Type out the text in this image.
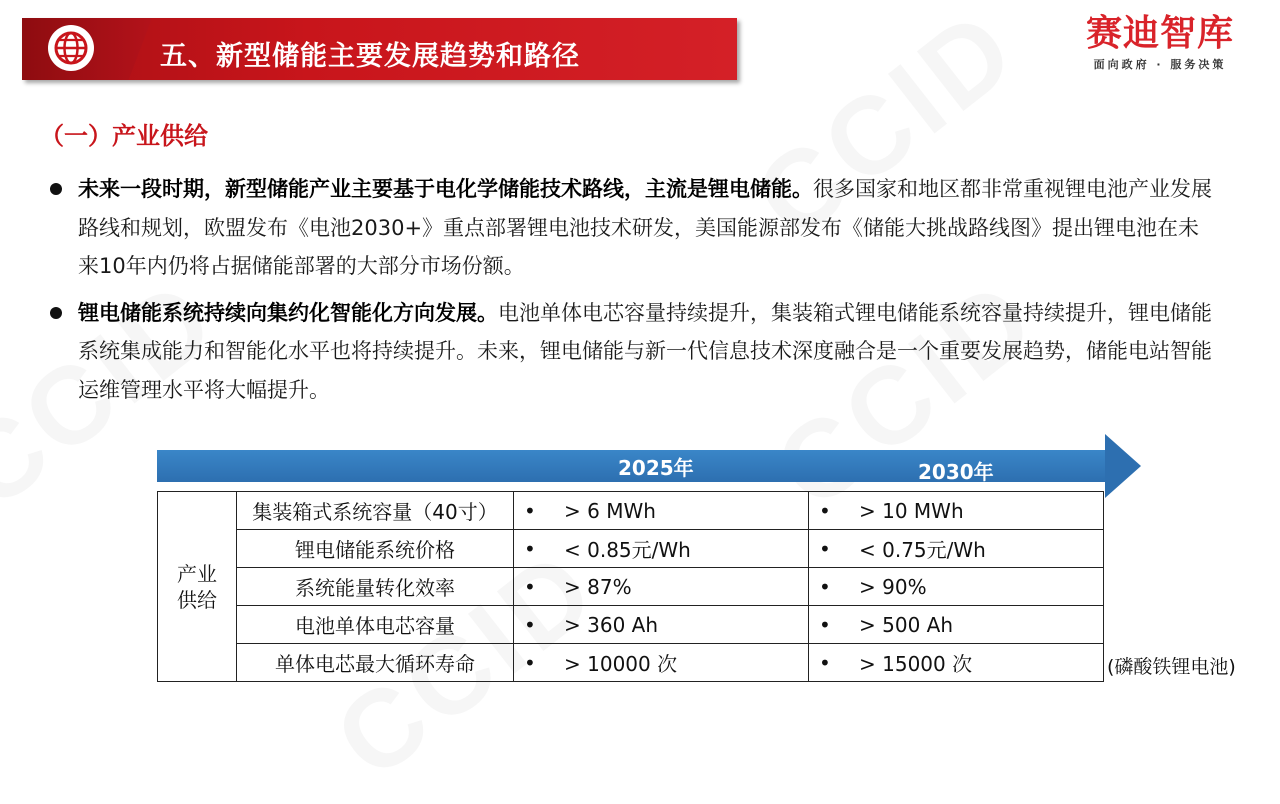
五、新型储能主要发展趋势和路径
赛迪智库
面向政府 · 服务决策
（一）产业供给
未来一段时期，新型储能产业主要基于电化学储能技术路线，主流是锂电储能。很多国家和地区都非常重视锂电池产业发展路线和规划，欧盟发布《电池2030+》重点部署锂电池技术研发，美国能源部发布《储能大挑战路线图》提出锂电池在未来10年内仍将占据储能部署的大部分市场份额。
锂电储能系统持续向集约化智能化方向发展。电池单体电芯容量持续提升，集装箱式锂电储能系统容量持续提升，锂电储能系统集成能力和智能化水平也将持续提升。未来，锂电储能与新一代信息技术深度融合是一个重要发展趋势，储能电站智能运维管理水平将大幅提升。
2025年	2030年
产业
供给	集装箱式系统容量（40寸）	• > 6 MWh	• > 10 MWh

	锂电储能系统价格	• < 0.85元/Wh	• < 0.75元/Wh

	系统能量转化效率	• > 87%	• > 90%

	电池单体电芯容量	• > 360 Ah	• > 500 Ah

	单体电芯最大循环寿命	• > 10000 次	• > 15000 次	(磷酸铁锂电池)
